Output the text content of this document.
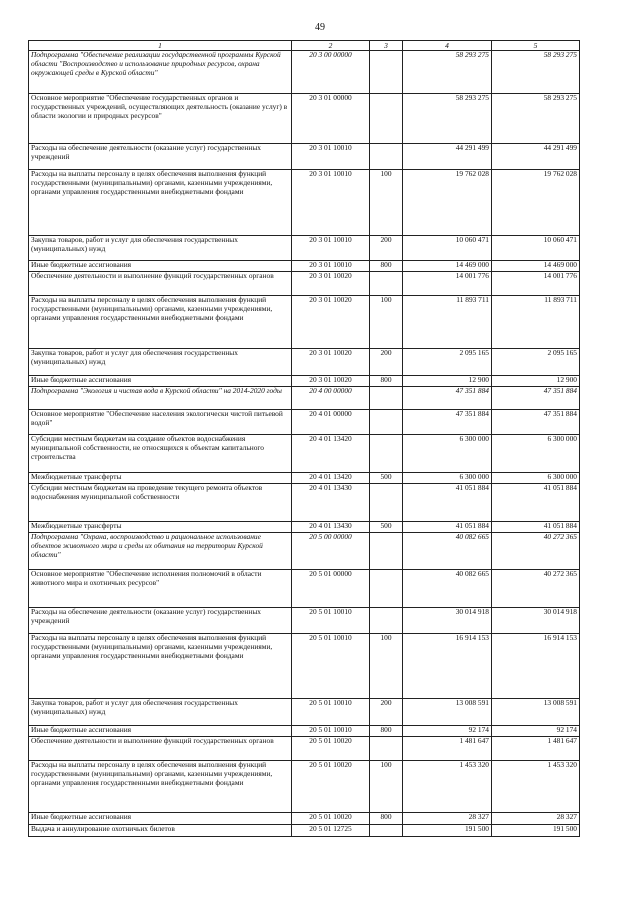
49
1	2	3	4	5
Подпрограмма "Обеспечение реализации государственной программы Курской области "Воспроизводство и использование природных ресурсов, охрана окружающей среды в Курской области"	20 3 00 00000		58 293 275	58 293 275
Основное мероприятие "Обеспечение государственных органов и государственных учреждений, осуществляющих деятельность (оказание услуг) в области экологии и природных ресурсов"	20 3 01 00000		58 293 275	58 293 275
Расходы на обеспечение деятельности (оказание услуг) государственных учреждений	20 3 01 10010		44 291 499	44 291 499
Расходы на выплаты персоналу в целях обеспечения выполнения функций государственными (муниципальными) органами, казенными учреждениями, органами управления государственными внебюджетными фондами	20 3 01 10010	100	19 762 028	19 762 028
Закупка товаров, работ и услуг для обеспечения государственных (муниципальных) нужд	20 3 01 10010	200	10 060 471	10 060 471
Иные бюджетные ассигнования	20 3 01 10010	800	14 469 000	14 469 000
Обеспечение деятельности и выполнение функций государственных органов	20 3 01 10020		14 001 776	14 001 776
Расходы на выплаты персоналу в целях обеспечения выполнения функций государственными (муниципальными) органами, казенными учреждениями, органами управления государственными внебюджетными фондами	20 3 01 10020	100	11 893 711	11 893 711
Закупка товаров, работ и услуг для обеспечения государственных (муниципальных) нужд	20 3 01 10020	200	2 095 165	2 095 165
Иные бюджетные ассигнования	20 3 01 10020	800	12 900	12 900
Подпрограмма "Экология и чистая вода в Курской области" на 2014-2020 годы	20 4 00 00000		47 351 884	47 351 884
Основное мероприятие "Обеспечение населения экологически чистой питьевой водой"	20 4 01 00000		47 351 884	47 351 884
Субсидии местным бюджетам на создание объектов водоснабжения муниципальной собственности, не относящихся к объектам капитального строительства	20 4 01 13420		6 300 000	6 300 000
Межбюджетные трансферты	20 4 01 13420	500	6 300 000	6 300 000
Субсидии местным бюджетам на проведение текущего ремонта объектов водоснабжения муниципальной собственности	20 4 01 13430		41 051 884	41 051 884
Межбюджетные трансферты	20 4 01 13430	500	41 051 884	41 051 884
Подпрограмма "Охрана, воспроизводство и рациональное использование объектов животного мира и среды их обитания на территории Курской области"	20 5 00 00000		40 082 665	40 272 365
Основное мероприятие "Обеспечение исполнения полномочий в области животного мира и охотничьих ресурсов"	20 5 01 00000		40 082 665	40 272 365
Расходы на обеспечение деятельности (оказание услуг) государственных учреждений	20 5 01 10010		30 014 918	30 014 918
Расходы на выплаты персоналу в целях обеспечения выполнения функций государственными (муниципальными) органами, казенными учреждениями, органами управления государственными внебюджетными фондами	20 5 01 10010	100	16 914 153	16 914 153
Закупка товаров, работ и услуг для обеспечения государственных (муниципальных) нужд	20 5 01 10010	200	13 008 591	13 008 591
Иные бюджетные ассигнования	20 5 01 10010	800	92 174	92 174
Обеспечение деятельности и выполнение функций государственных органов	20 5 01 10020		1 481 647	1 481 647
Расходы на выплаты персоналу в целях обеспечения выполнения функций государственными (муниципальными) органами, казенными учреждениями, органами управления государственными внебюджетными фондами	20 5 01 10020	100	1 453 320	1 453 320
Иные бюджетные ассигнования	20 5 01 10020	800	28 327	28 327
Выдача и аннулирование охотничьих билетов	20 5 01 12725		191 500	191 500
